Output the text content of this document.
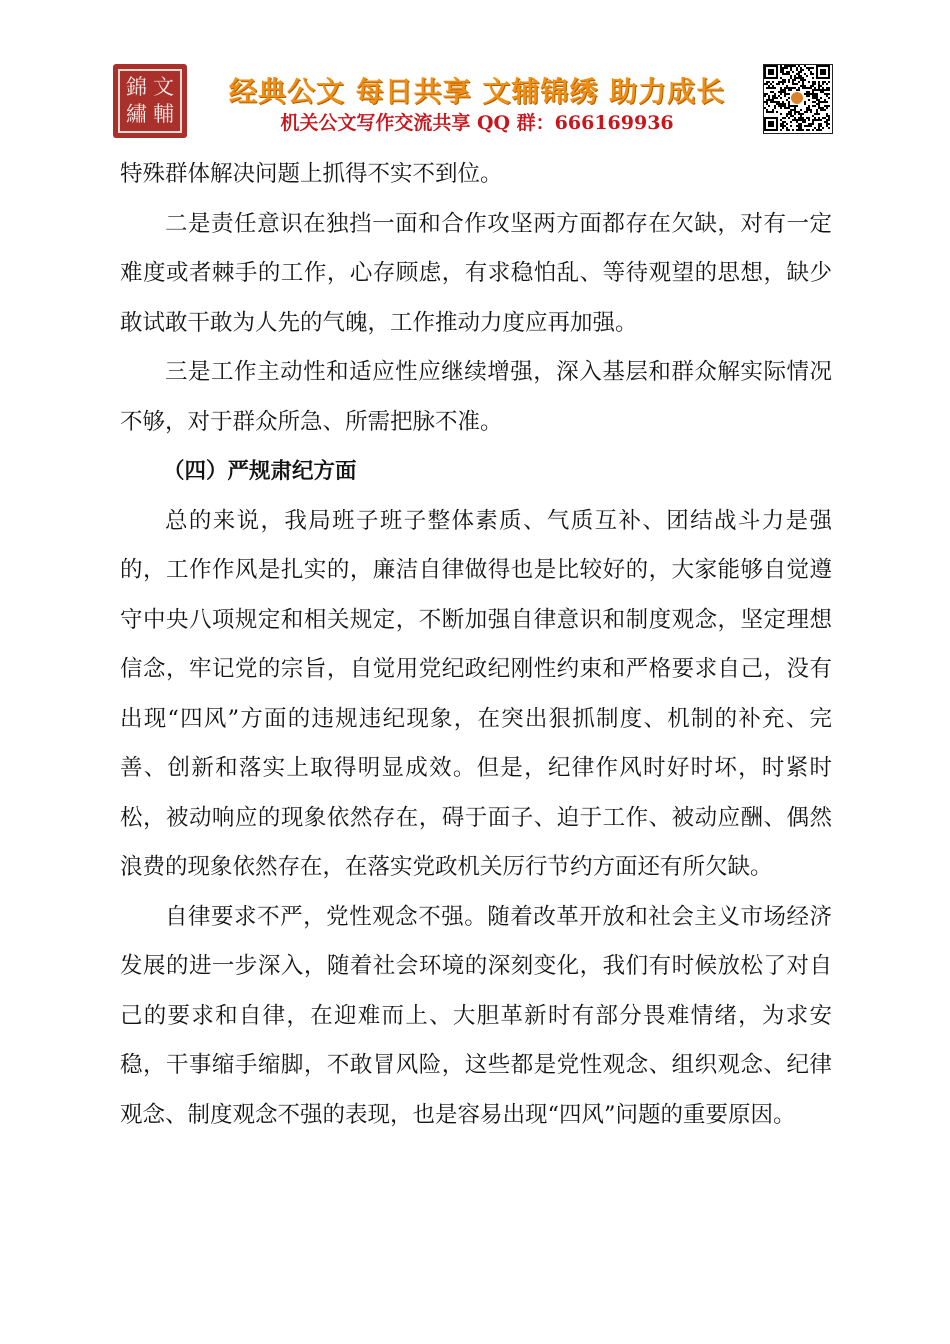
錦 文
繡 輔
经典公文 每日共享 文辅锦绣 助力成长
机关公文写作交流共享 QQ 群：666169936

特殊群体解决问题上抓得不实不到位。

二是责任意识在独挡一面和合作攻坚两方面都存在欠缺，对有一定难度或者棘手的工作，心存顾虑，有求稳怕乱、等待观望的思想，缺少敢试敢干敢为人先的气魄，工作推动力度应再加强。

三是工作主动性和适应性应继续增强，深入基层和群众解实际情况不够，对于群众所急、所需把脉不准。

（四）严规肃纪方面

总的来说，我局班子班子整体素质、气质互补、团结战斗力是强的，工作作风是扎实的，廉洁自律做得也是比较好的，大家能够自觉遵守中央八项规定和相关规定，不断加强自律意识和制度观念，坚定理想信念，牢记党的宗旨，自觉用党纪政纪刚性约束和严格要求自己，没有出现“四风”方面的违规违纪现象，在突出狠抓制度、机制的补充、完善、创新和落实上取得明显成效。但是，纪律作风时好时坏，时紧时松，被动响应的现象依然存在，碍于面子、迫于工作、被动应酬、偶然浪费的现象依然存在，在落实党政机关厉行节约方面还有所欠缺。

自律要求不严，党性观念不强。随着改革开放和社会主义市场经济发展的进一步深入，随着社会环境的深刻变化，我们有时候放松了对自己的要求和自律，在迎难而上、大胆革新时有部分畏难情绪，为求安稳，干事缩手缩脚，不敢冒风险，这些都是党性观念、组织观念、纪律观念、制度观念不强的表现，也是容易出现“四风”问题的重要原因。
